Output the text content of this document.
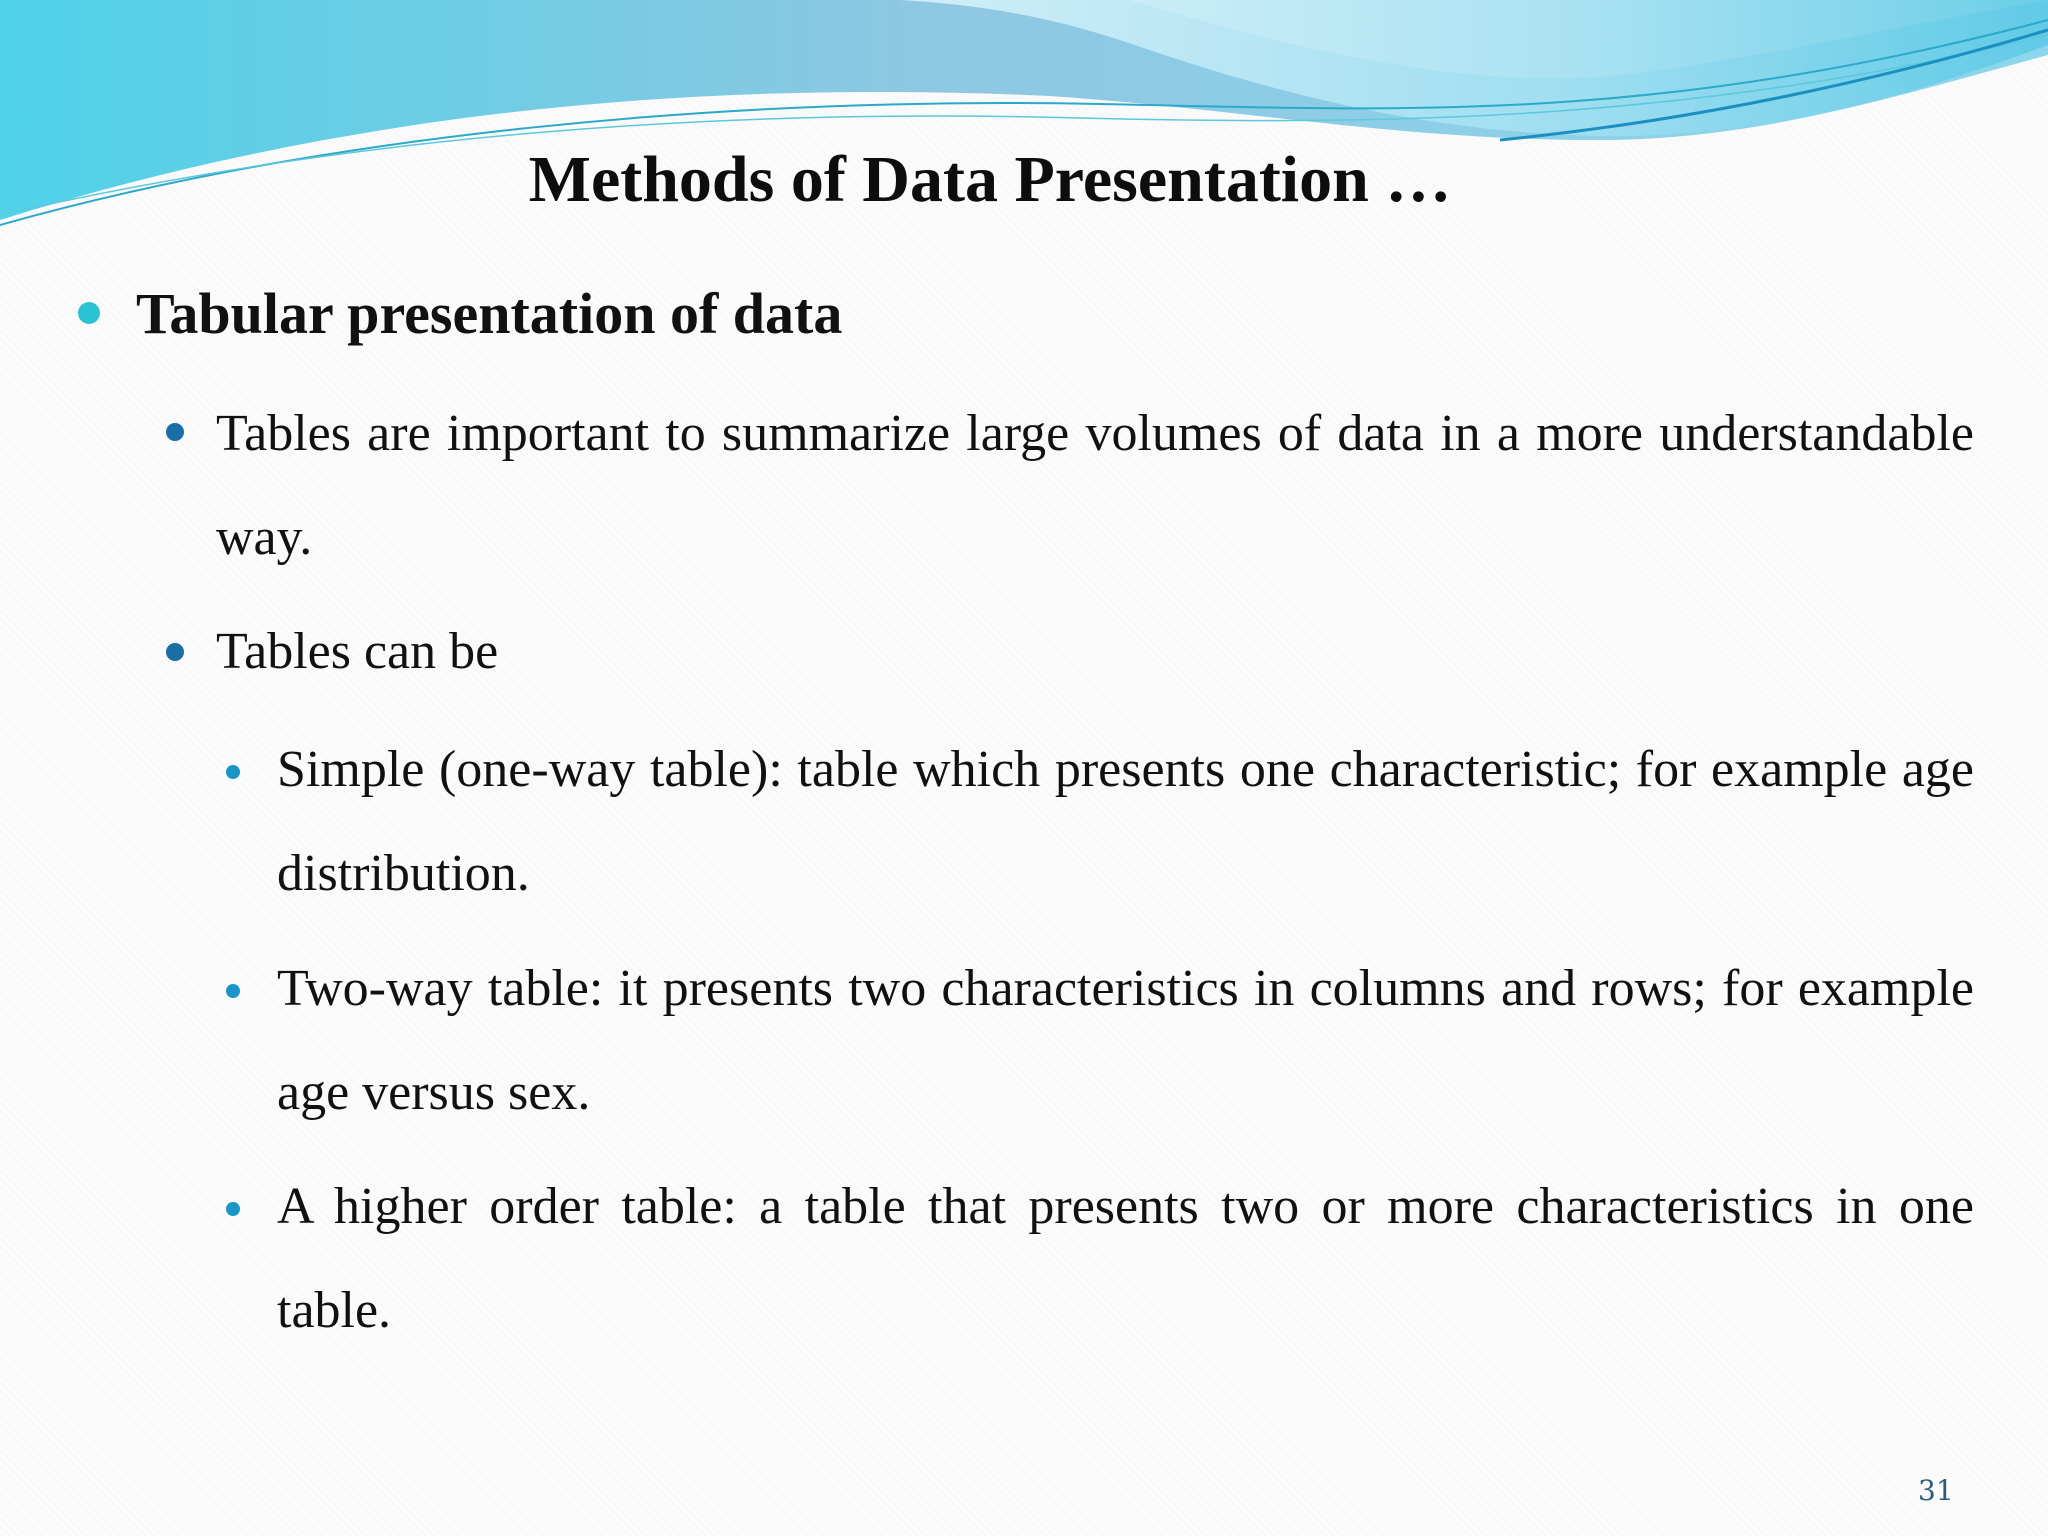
Methods of Data Presentation …
Tabular presentation of data

Tables are important to summarize large volumes of data in a more understandable way.

Tables can be

Simple (one-way table): table which presents one characteristic; for example age distribution.

Two-way table: it presents two characteristics in columns and rows; for example age versus sex.

A higher order table: a table that presents two or more characteristics in one table.

31
